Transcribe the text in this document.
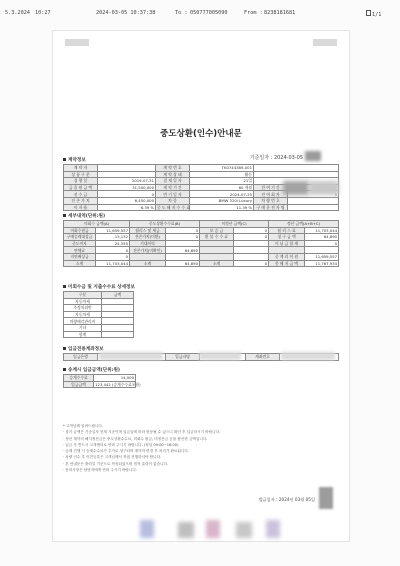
5.3.2024 10:27	2024-03-05 10:37:38	To : 050777005090	From : 8238181681	1/1
중도상환(인수)안내문
기준일자 : 2024-03-05
계약정보
계 약 자		계 약 번 호	TK0744389-001		
상 품 구 분		계 약 상 태	활동		
집 행 일	2019-07-31	결 제 일 자	21일		
금 융 원 금 액	31,500,000	계 약 기 간	60 개월	잔 여 기 간	
선 수 금	0	만 기 일 자	2024-07-25	잔 여 회 차	
잔 존 가 치	6,450,000	차 종	BMW 320i Luxury	차 량 번 호	
이 자 율	6.39 %	중 도 해 지 수 수 료	11.39 %	구 매 운 전 자 명	
세부내역(단위:원)
미회수 금액(A)		중도상환수수료(B)		미정산 금액(C)		정산 금액(A+B+C)	
미회수원금	11,659,557	월리스 및 세금	0	보 증 금	0	월 리 스 료	11,703,044
구매승계대상금	13,132	잔존가치(미환)	0	환 불 수 수 료	0	청 구 금 액	64,890
중도이자	24,355	기대이익				미 납 금 합 계	0
연체료	0	잔존가치(미확인)	64,890				
지연배상금	0					중 계 리 이 원	11,659,557
소계	11,703,044	소계	64,890	소계	0	총 해 지 금 액	11,767,934
미회수금 및 지출수수료 상세정보
구분	금액
자동차세	
주정차위반	
자동차세	
차량매각관리비	
기타	
합계	
입금전용계좌정보
입금은행		입금자명		계좌번호	
송계시 입금금액(단위:원)
승계수수료	14,500
입금금액	123,442 (승계수수료포함)

* 고객님께 알려드립니다.

· 상기 금액은 기준일자 현재 기준이며 입금일에 따라 변동될 수 있으니 확인 후 입금하시기 바랍니다.

· 정산 계약의 해지정산금은 중도상환수수료, 미회수 원금, 미정산금 등을 합산한 금액입니다.

· 입금 후 반드시 고객센터로 연락 주시기 바랍니다. (평일 09:00~18:00)

· 승계 진행 시 승계수수료가 추가로 청구되며 계약자 변경 후 처리가 완료됩니다.

· 차량 인수 후 이전등록은 고객님께서 직접 진행하셔야 합니다.

· 본 안내문은 출력일 기준으로 작성되었으며 법적 효력이 없습니다.

· 문의사항은 담당자에게 연락 주시기 바랍니다.

발급일자 : 2024년 03월 05일
